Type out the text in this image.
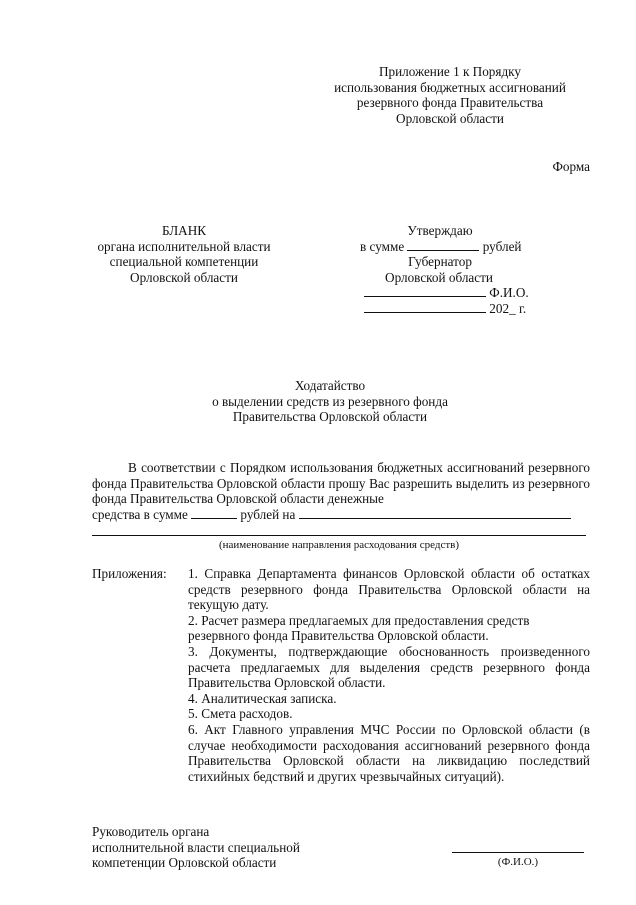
Приложение 1 к Порядку
использования бюджетных ассигнований
резервного фонда Правительства
Орловской области
Форма
БЛАНК
органа исполнительной власти
специальной компетенции
Орловской области
Утверждаю
в сумме	рублей
Губернатор
Орловской области
Ф.И.О.
202_ г.
Ходатайство
о выделении средств из резервного фонда
Правительства Орловской области
В соответствии с Порядком использования бюджетных ассигнований резервного фонда Правительства Орловской области прошу Вас разрешить выделить из резервного фонда Правительства Орловской области денежные
средства в сумме	рублей на
(наименование направления расходования средств)
Приложения: 1. Справка Департамента финансов Орловской области об остатках средств резервного фонда Правительства Орловской области на текущую дату.

2. Расчет размера предлагаемых для предоставления средств резервного фонда Правительства Орловской области.

3. Документы, подтверждающие обоснованность произведенного расчета предлагаемых для выделения средств резервного фонда Правительства Орловской области.

4. Аналитическая записка.

5. Смета расходов.

6. Акт Главного управления МЧС России по Орловской области (в случае необходимости расходования ассигнований резервного фонда Правительства Орловской области на ликвидацию последствий стихийных бедствий и других чрезвычайных ситуаций).

Руководитель органа
исполнительной власти специальной
компетенции Орловской области	(Ф.И.О.)
